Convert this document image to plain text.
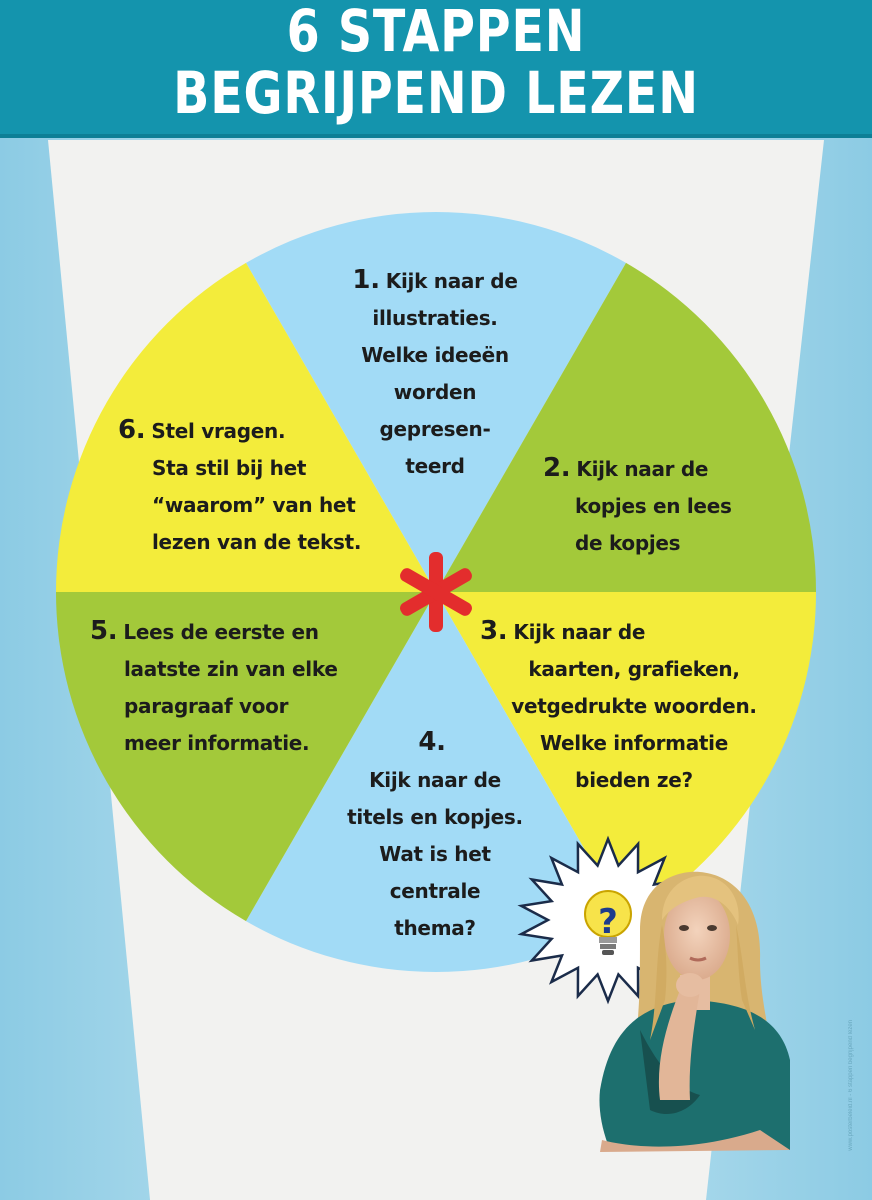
?
6 STAPPEN
BEGRIJPEND LEZEN
1. Kijk naar de
illustraties.
Welke ideeën
worden
gepresen-
teerd	2. Kijk naar de
kopjes en lees
de kopjes
3. Kijk naar de
kaarten, grafieken,
vetgedrukte woorden.
Welke informatie
bieden ze?
4.
Kijk naar de
titels en kopjes.
Wat is het
centrale
thema?
5. Lees de eerste en
laatste zin van elke
paragraaf voor
meer informatie.
6. Stel vragen.
Sta stil bij het
“waarom” van het
lezen van de tekst.
www.posterbeleid.nl - 6 stappen begrijpend lezen
